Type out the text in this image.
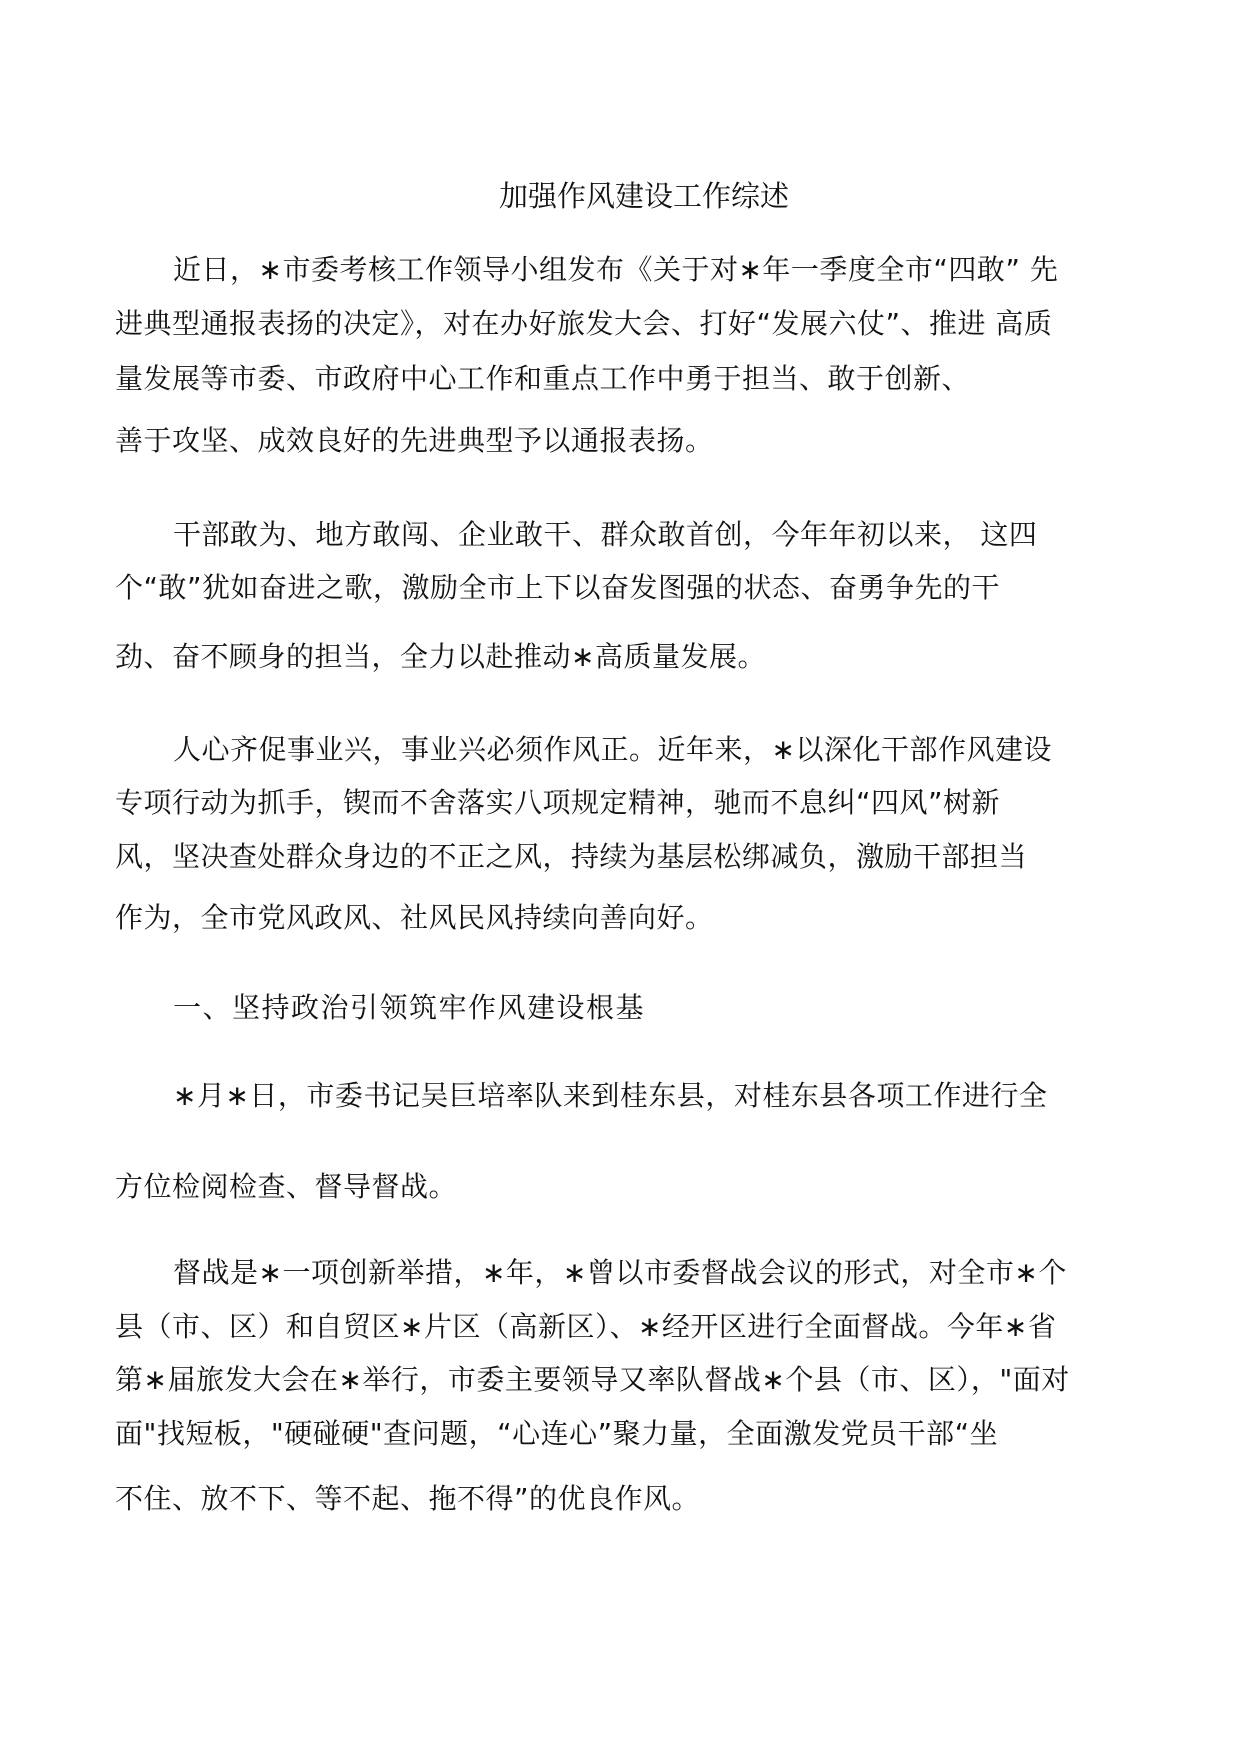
加强作风建设工作综述
近日，∗市委考核工作领导小组发布《关于对∗年一季度全市“四敢” 先
进典型通报表扬的决定》，对在办好旅发大会、打好“发展六仗”、推进 高质
量发展等市委、市政府中心工作和重点工作中勇于担当、敢于创新、
善于攻坚、成效良好的先进典型予以通报表扬。
干部敢为、地方敢闯、企业敢干、群众敢首创，今年年初以来， 这四
个“敢”犹如奋进之歌，激励全市上下以奋发图强的状态、奋勇争先的干
劲、奋不顾身的担当，全力以赴推动∗高质量发展。
人心齐促事业兴，事业兴必须作风正。近年来，∗以深化干部作风建设
专项行动为抓手，锲而不舍落实八项规定精神，驰而不息纠“四风”树新
风，坚决查处群众身边的不正之风，持续为基层松绑减负，激励干部担当
作为，全市党风政风、社风民风持续向善向好。
一、坚持政治引领筑牢作风建设根基
∗月∗日，市委书记吴巨培率队来到桂东县，对桂东县各项工作进行全
方位检阅检查、督导督战。
督战是∗一项创新举措，∗年，∗曾以市委督战会议的形式，对全市∗个
县（市、区）和自贸区∗片区（高新区）、∗经开区进行全面督战。今年∗省
第∗届旅发大会在∗举行，市委主要领导又率队督战∗个县（市、区），"面对
面"找短板，"硬碰硬"查问题，“心连心”聚力量，全面激发党员干部“坐
不住、放不下、等不起、拖不得”的优良作风。
